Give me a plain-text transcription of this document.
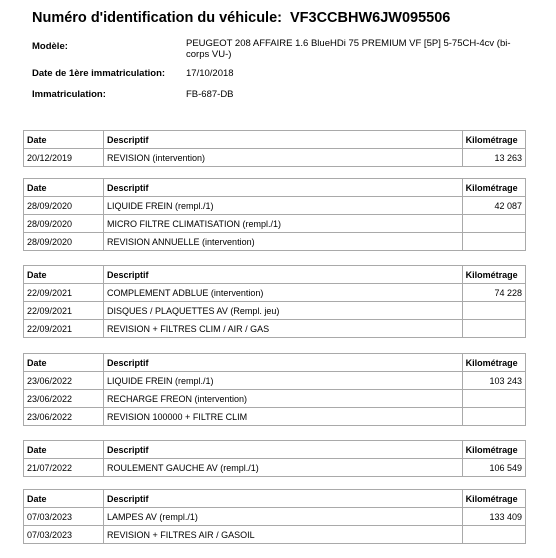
Numéro d'identification du véhicule: VF3CCBHW6JW095506
Modèle:	PEUGEOT 208 AFFAIRE 1.6 BlueHDi 75 PREMIUM VF [5P] 5-75CH-4cv (bi-corps VU-)
Date de 1ère immatriculation:	17/10/2018
Immatriculation:	FB-687-DB
Date	Descriptif	Kilométrage
20/12/2019	REVISION (intervention)	13 263
Date	Descriptif	Kilométrage
28/09/2020	LIQUIDE FREIN (rempl./1)	42 087
28/09/2020	MICRO FILTRE CLIMATISATION (rempl./1)	
28/09/2020	REVISION ANNUELLE (intervention)	
Date	Descriptif	Kilométrage
22/09/2021	COMPLEMENT ADBLUE (intervention)	74 228
22/09/2021	DISQUES / PLAQUETTES AV (Rempl. jeu)	
22/09/2021	REVISION + FILTRES CLIM / AIR / GAS	
Date	Descriptif	Kilométrage
23/06/2022	LIQUIDE FREIN (rempl./1)	103 243
23/06/2022	RECHARGE FREON (intervention)	
23/06/2022	REVISION 100000 + FILTRE CLIM	
Date	Descriptif	Kilométrage
21/07/2022	ROULEMENT GAUCHE AV (rempl./1)	106 549
Date	Descriptif	Kilométrage
07/03/2023	LAMPES AV (rempl./1)	133 409
07/03/2023	REVISION + FILTRES AIR / GASOIL	
